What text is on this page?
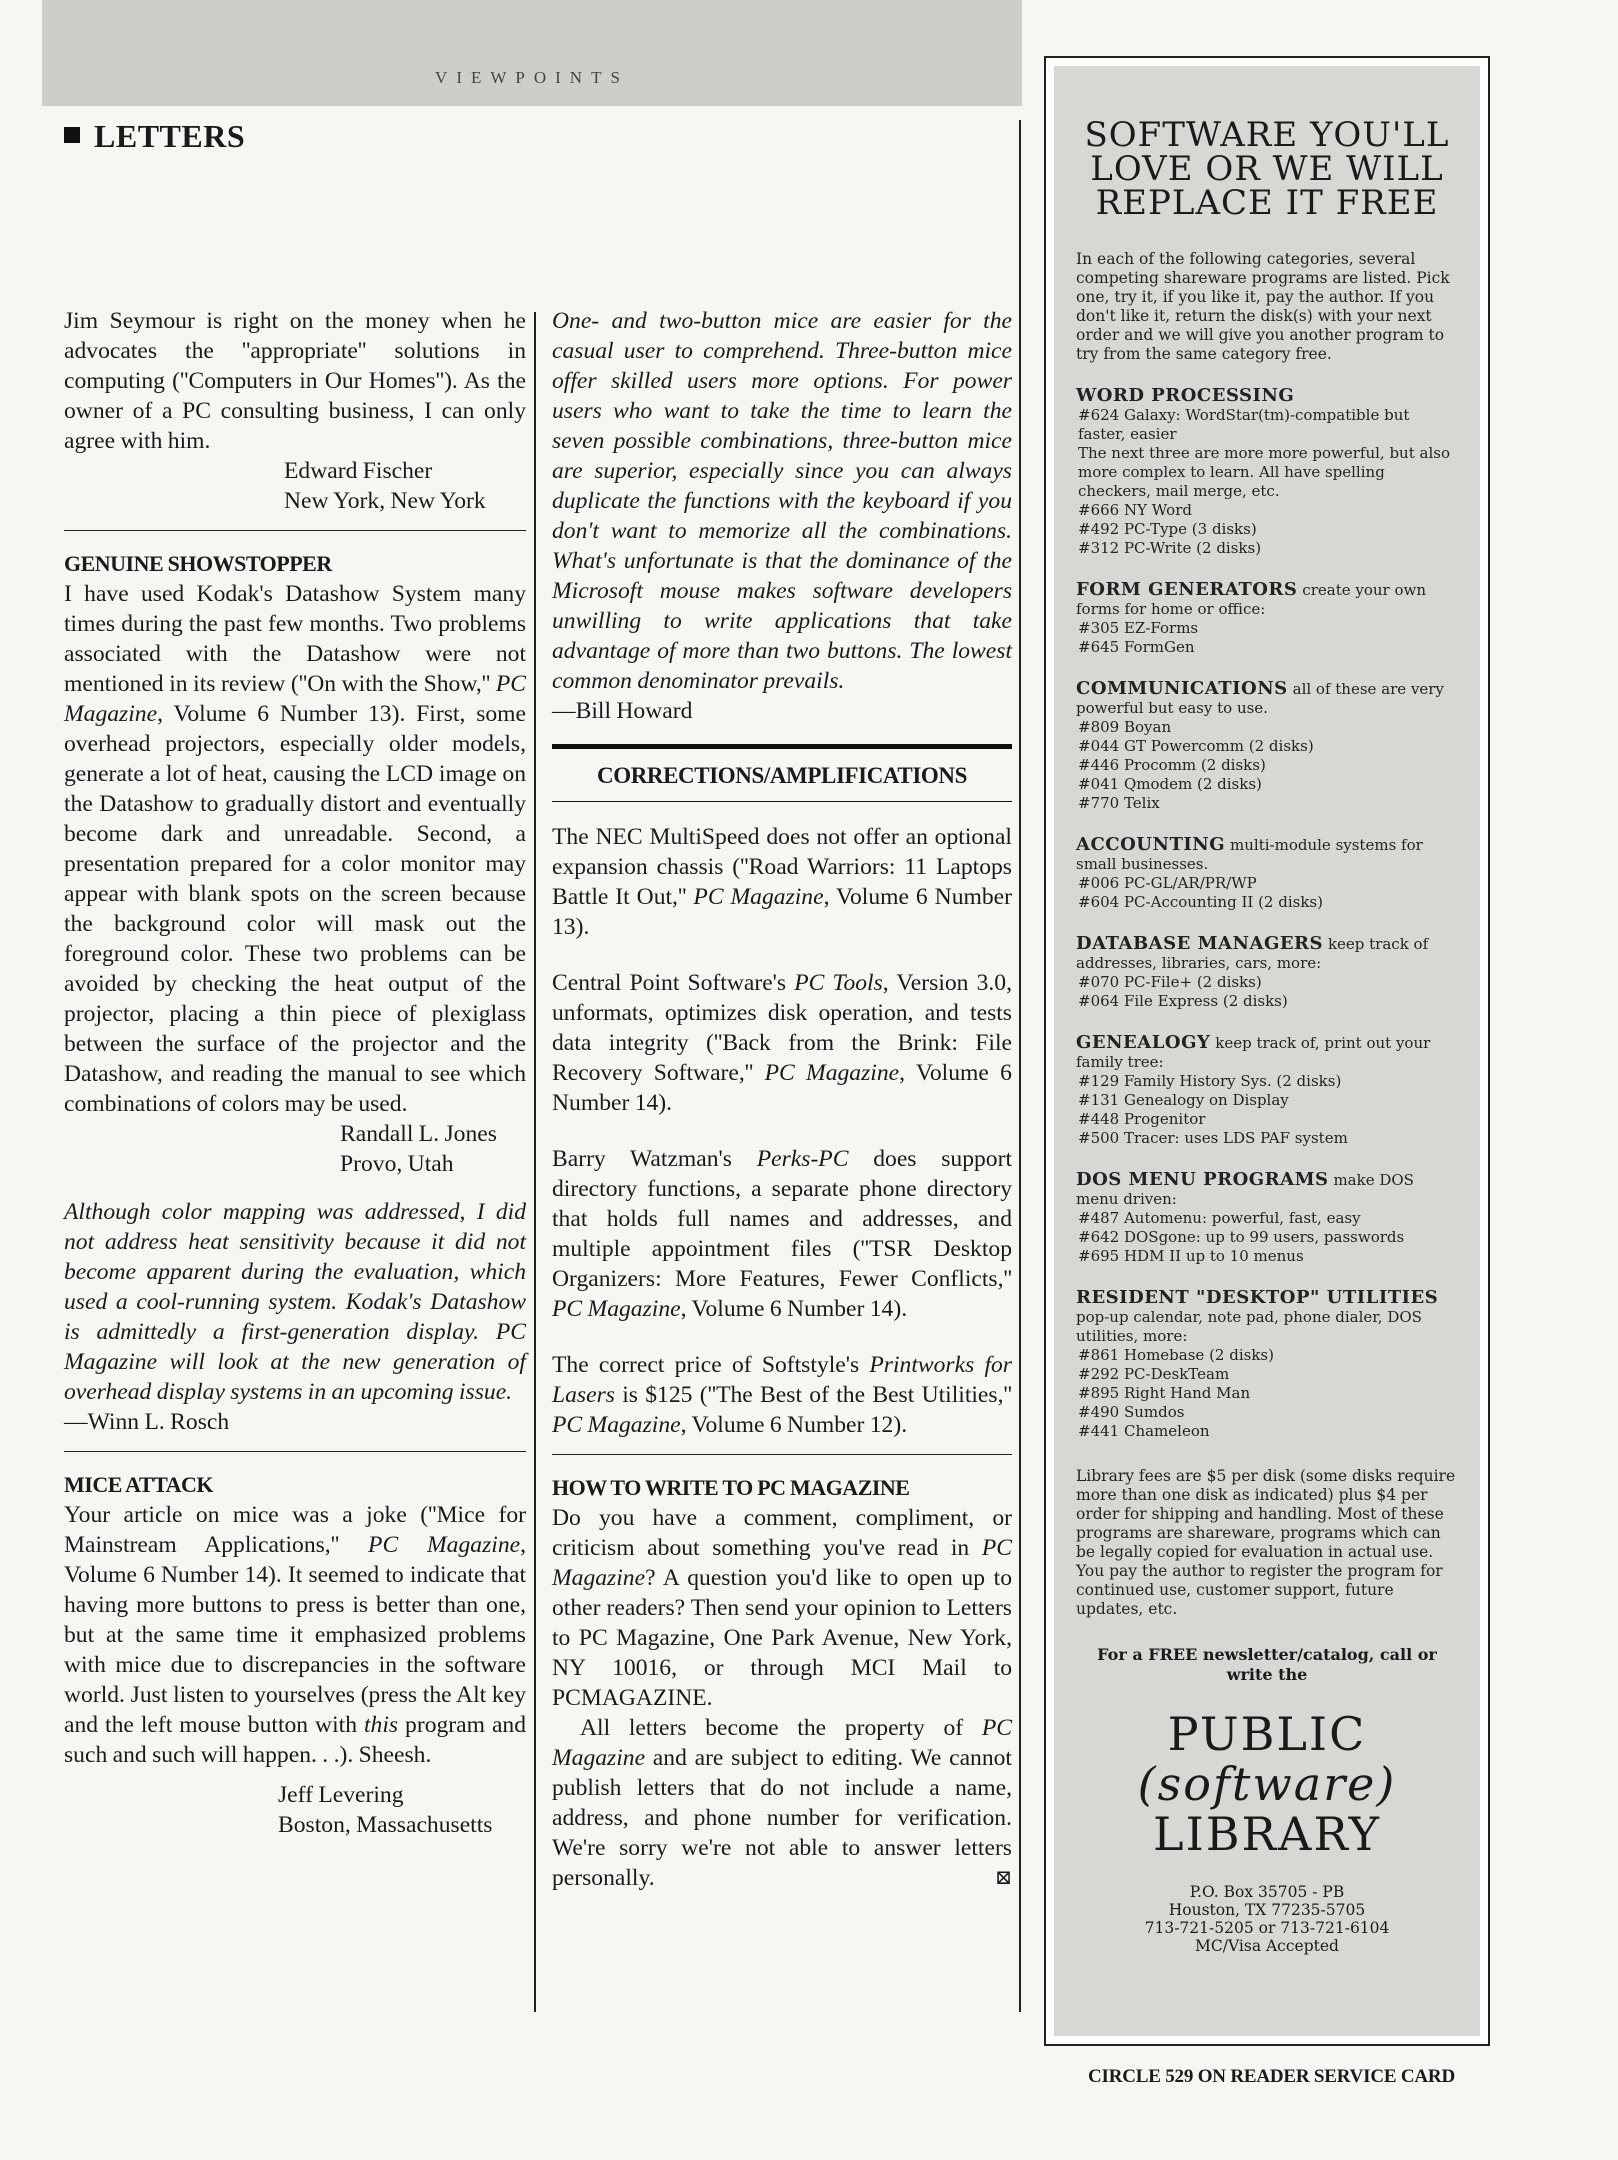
VIEWPOINTS
LETTERS

Jim Seymour is right on the money when he advocates the ''appropriate'' solutions in computing (''Computers in Our Homes''). As the owner of a PC consulting business, I can only agree with him.

Edward Fischer

New York, New York

GENUINE SHOWSTOPPER

I have used Kodak's Datashow System many times during the past few months. Two problems associated with the Datashow were not mentioned in its review (''On with the Show,'' PC Magazine, Volume 6 Number 13). First, some overhead projectors, especially older models, generate a lot of heat, causing the LCD image on the Datashow to gradually distort and eventually become dark and unreadable. Second, a presentation prepared for a color monitor may appear with blank spots on the screen because the background color will mask out the foreground color. These two problems can be avoided by checking the heat output of the projector, placing a thin piece of plexiglass between the surface of the projector and the Datashow, and reading the manual to see which combinations of colors may be used.

Randall L. Jones

Provo, Utah

Although color mapping was addressed, I did not address heat sensitivity because it did not become apparent during the evaluation, which used a cool-running system. Kodak's Datashow is admittedly a first-generation display. PC Magazine will look at the new generation of overhead display systems in an upcoming issue.

—Winn L. Rosch

MICE ATTACK

Your article on mice was a joke (''Mice for Mainstream Applications,'' PC Magazine, Volume 6 Number 14). It seemed to indicate that having more buttons to press is better than one, but at the same time it emphasized problems with mice due to discrepancies in the software world. Just listen to yourselves (press the Alt key and the left mouse button with this program and such and such will happen. . .). Sheesh.

Jeff Levering

Boston, Massachusetts

One- and two-button mice are easier for the casual user to comprehend. Three-button mice offer skilled users more options. For power users who want to take the time to learn the seven possible combinations, three-button mice are superior, especially since you can always duplicate the functions with the keyboard if you don't want to memorize all the combinations. What's unfortunate is that the dominance of the Microsoft mouse makes software developers unwilling to write applications that take advantage of more than two buttons. The lowest common denominator prevails.

—Bill Howard

CORRECTIONS/AMPLIFICATIONS

The NEC MultiSpeed does not offer an optional expansion chassis (''Road Warriors: 11 Laptops Battle It Out,'' PC Magazine, Volume 6 Number 13).

Central Point Software's PC Tools, Version 3.0, unformats, optimizes disk operation, and tests data integrity (''Back from the Brink: File Recovery Software,'' PC Magazine, Volume 6 Number 14).

Barry Watzman's Perks-PC does support directory functions, a separate phone directory that holds full names and addresses, and multiple appointment files (''TSR Desktop Organizers: More Features, Fewer Conflicts,'' PC Magazine, Volume 6 Number 14).

The correct price of Softstyle's Printworks for Lasers is $125 (''The Best of the Best Utilities,'' PC Magazine, Volume 6 Number 12).

HOW TO WRITE TO PC MAGAZINE

Do you have a comment, compliment, or criticism about something you've read in PC Magazine? A question you'd like to open up to other readers? Then send your opinion to Letters to PC Magazine, One Park Avenue, New York, NY 10016, or through MCI Mail to PCMAGAZINE.

All letters become the property of PC Magazine and are subject to editing. We cannot publish letters that do not include a name, address, and phone number for verification. We're sorry we're not able to answer letters personally.	⊠

SOFTWARE YOU'LL
LOVE OR WE WILL
REPLACE IT FREE

In each of the following categories, several competing shareware programs are listed. Pick one, try it, if you like it, pay the author. If you don't like it, return the disk(s) with your next order and we will give you another program to try from the same category free.

WORD PROCESSING
#624 Galaxy: WordStar(tm)-compatible but faster, easier
The next three are more more powerful, but also more complex to learn. All have spelling checkers, mail merge, etc.
#666 NY Word
#492 PC-Type (3 disks)
#312 PC-Write (2 disks)
FORM GENERATORS create your own forms for home or office:
#305 EZ-Forms
#645 FormGen
COMMUNICATIONS all of these are very powerful but easy to use.
#809 Boyan
#044 GT Powercomm (2 disks)
#446 Procomm (2 disks)
#041 Qmodem (2 disks)
#770 Telix
ACCOUNTING multi-module systems for small businesses.
#006 PC-GL/AR/PR/WP
#604 PC-Accounting II (2 disks)
DATABASE MANAGERS keep track of addresses, libraries, cars, more:
#070 PC-File+ (2 disks)
#064 File Express (2 disks)
GENEALOGY keep track of, print out your family tree:
#129 Family History Sys. (2 disks)
#131 Genealogy on Display
#448 Progenitor
#500 Tracer: uses LDS PAF system
DOS MENU PROGRAMS make DOS menu driven:
#487 Automenu: powerful, fast, easy
#642 DOSgone: up to 99 users, passwords
#695 HDM II up to 10 menus
RESIDENT "DESKTOP" UTILITIES pop-up calendar, note pad, phone dialer, DOS utilities, more:
#861 Homebase (2 disks)
#292 PC-DeskTeam
#895 Right Hand Man
#490 Sumdos
#441 Chameleon

Library fees are $5 per disk (some disks require more than one disk as indicated) plus $4 per order for shipping and handling. Most of these programs are shareware, programs which can be legally copied for evaluation in actual use. You pay the author to register the program for continued use, customer support, future updates, etc.

For a FREE newsletter/catalog, call or write the
PUBLIC
(software)
LIBRARY
P.O. Box 35705 - PB
Houston, TX 77235-5705
713-721-5205 or 713-721-6104
MC/Visa Accepted
CIRCLE 529 ON READER SERVICE CARD
